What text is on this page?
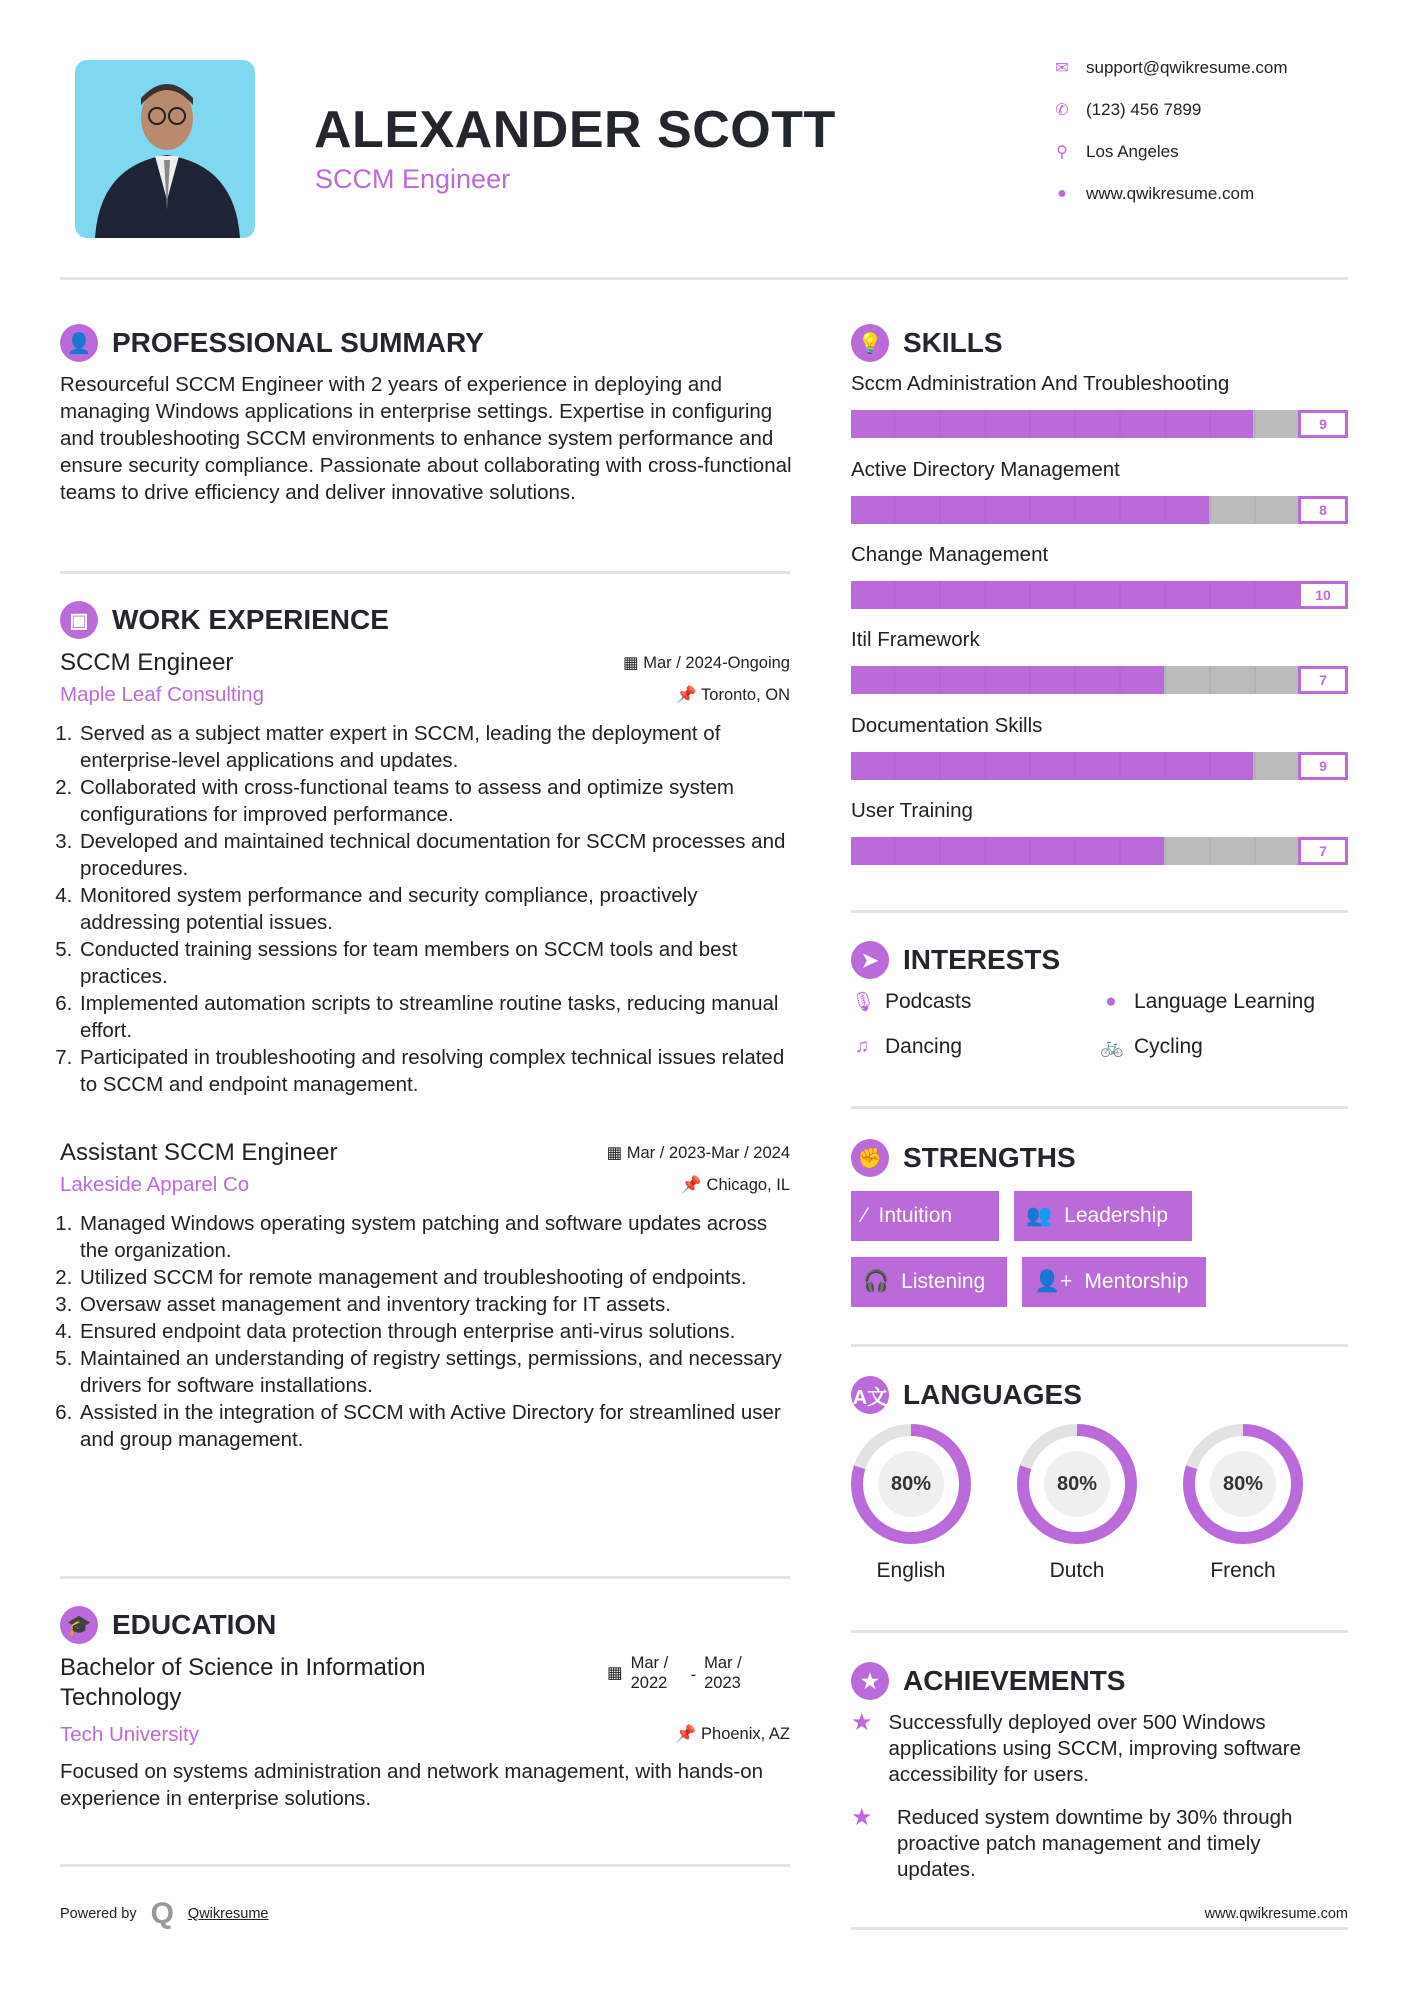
ALEXANDER SCOTT
SCCM Engineer
✉ support@qwikresume.com
✆ (123) 456 7899
⚲ Los Angeles
●	www.qwikresume.com
👤 PROFESSIONAL SUMMARY
Resourceful SCCM Engineer with 2 years of experience in deploying and managing Windows applications in enterprise settings. Expertise in configuring and troubleshooting SCCM environments to enhance system performance and ensure security compliance. Passionate about collaborating with cross-functional teams to drive efficiency and deliver innovative solutions.
▣ WORK EXPERIENCE
SCCM Engineer	▦ Mar / 2024-Ongoing
Maple Leaf Consulting	📌 Toronto, ON
1. Served as a subject matter expert in SCCM, leading the deployment of enterprise-level applications and updates.
2. Collaborated with cross-functional teams to assess and optimize system configurations for improved performance.
3. Developed and maintained technical documentation for SCCM processes and procedures.
4. Monitored system performance and security compliance, proactively addressing potential issues.
5. Conducted training sessions for team members on SCCM tools and best practices.
6. Implemented automation scripts to streamline routine tasks, reducing manual effort.
7. Participated in troubleshooting and resolving complex technical issues related to SCCM and endpoint management.
Assistant SCCM Engineer	▦ Mar / 2023-Mar / 2024
Lakeside Apparel Co	📌 Chicago, IL
1. Managed Windows operating system patching and software updates across the organization.
2. Utilized SCCM for remote management and troubleshooting of endpoints.
3. Oversaw asset management and inventory tracking for IT assets.
4. Ensured endpoint data protection through enterprise anti-virus solutions.
5. Maintained an understanding of registry settings, permissions, and necessary drivers for software installations.
6. Assisted in the integration of SCCM with Active Directory for streamlined user and group management.
🎓 EDUCATION
Bachelor of Science in Information Technology
▦
Mar / 2022	-
Mar / 2023
Tech University	📌 Phoenix, AZ
Focused on systems administration and network management, with hands-on experience in enterprise solutions.
Powered by Q Qwikresume
💡 SKILLS
Sccm Administration And Troubleshooting
9
Active Directory Management
8
Change Management
10
Itil Framework
7
Documentation Skills
9
User Training
7
➤ INTERESTS
🎙 Podcasts	● Language Learning
♫ Dancing	🚲 Cycling
✊ STRENGTHS
⁄ Intuition	👥 Leadership
🎧 Listening 👤+ Mentorship
A文 LANGUAGES
80%
English
80%
Dutch
80%
French
★ ACHIEVEMENTS
★ Successfully deployed over 500 Windows applications using SCCM, improving software accessibility for users.
★	Reduced system downtime by 30% through proactive patch management and timely updates.
www.qwikresume.com
